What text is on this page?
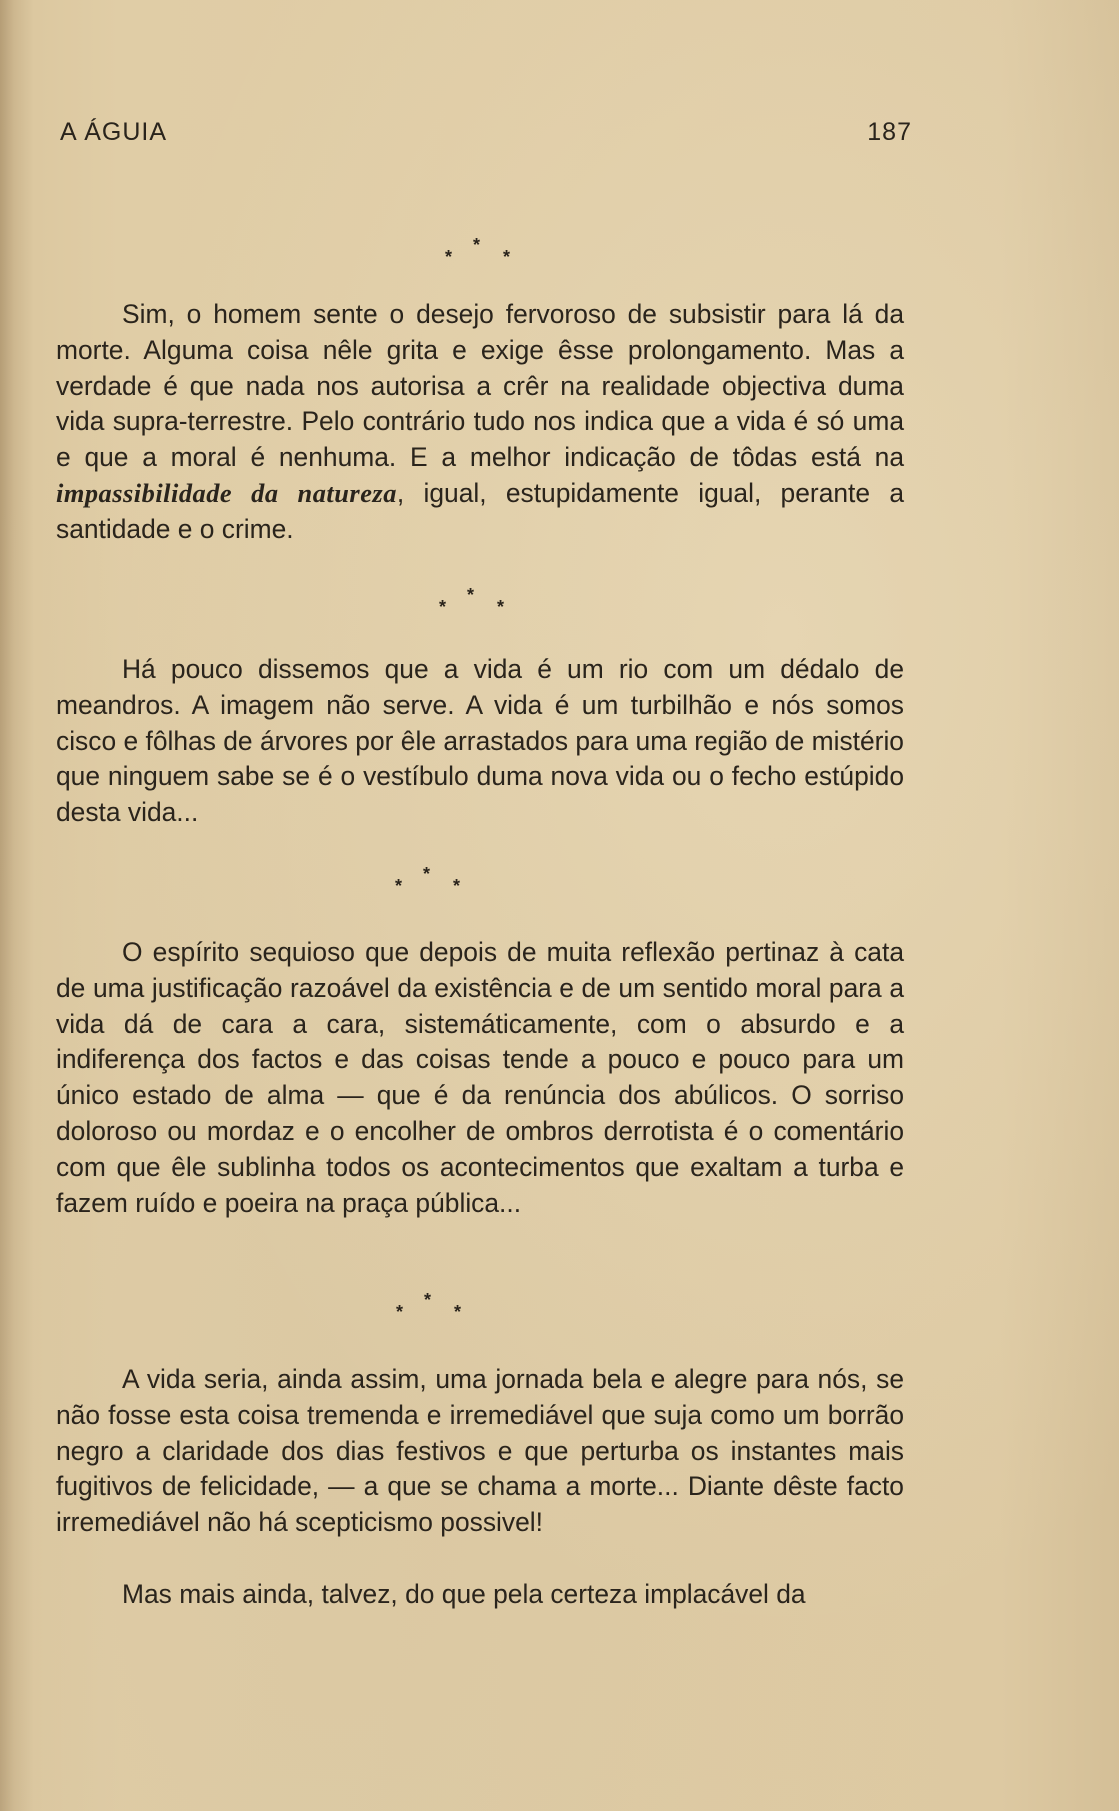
A ÁGUIA	187
*
*	*

Sim, o homem sente o desejo fervoroso de subsistir para lá da morte. Alguma coisa nêle grita e exige êsse prolongamento. Mas a verdade é que nada nos autorisa a crêr na realidade objectiva duma vida supra-terrestre. Pelo contrário tudo nos indica que a vida é só uma e que a moral é nenhuma. E a melhor indicação de tôdas está na impassibilidade da natureza, igual, estupidamente igual, perante a santidade e o crime.

*
*	*

Há pouco dissemos que a vida é um rio com um dédalo de meandros. A imagem não serve. A vida é um turbilhão e nós somos cisco e fôlhas de árvores por êle arrastados para uma região de mistério que ninguem sabe se é o vestíbulo duma nova vida ou o fecho estúpido desta vida...

*
*	*

O espírito sequioso que depois de muita reflexão pertinaz à cata de uma justificação razoável da existência e de um sentido moral para a vida dá de cara a cara, sistemáticamente, com o absurdo e a indiferença dos factos e das coisas tende a pouco e pouco para um único estado de alma — que é da renúncia dos abúlicos. O sorriso doloroso ou mordaz e o encolher de ombros derrotista é o comentário com que êle sublinha todos os acontecimentos que exaltam a turba e fazem ruído e poeira na praça pública...

*
*	*

A vida seria, ainda assim, uma jornada bela e alegre para nós, se não fosse esta coisa tremenda e irremediável que suja como um borrão negro a claridade dos dias festivos e que perturba os instantes mais fugitivos de felicidade, — a que se chama a morte... Diante dêste facto irremediável não há scepticismo possivel!

Mas mais ainda, talvez, do que pela certeza implacável da
